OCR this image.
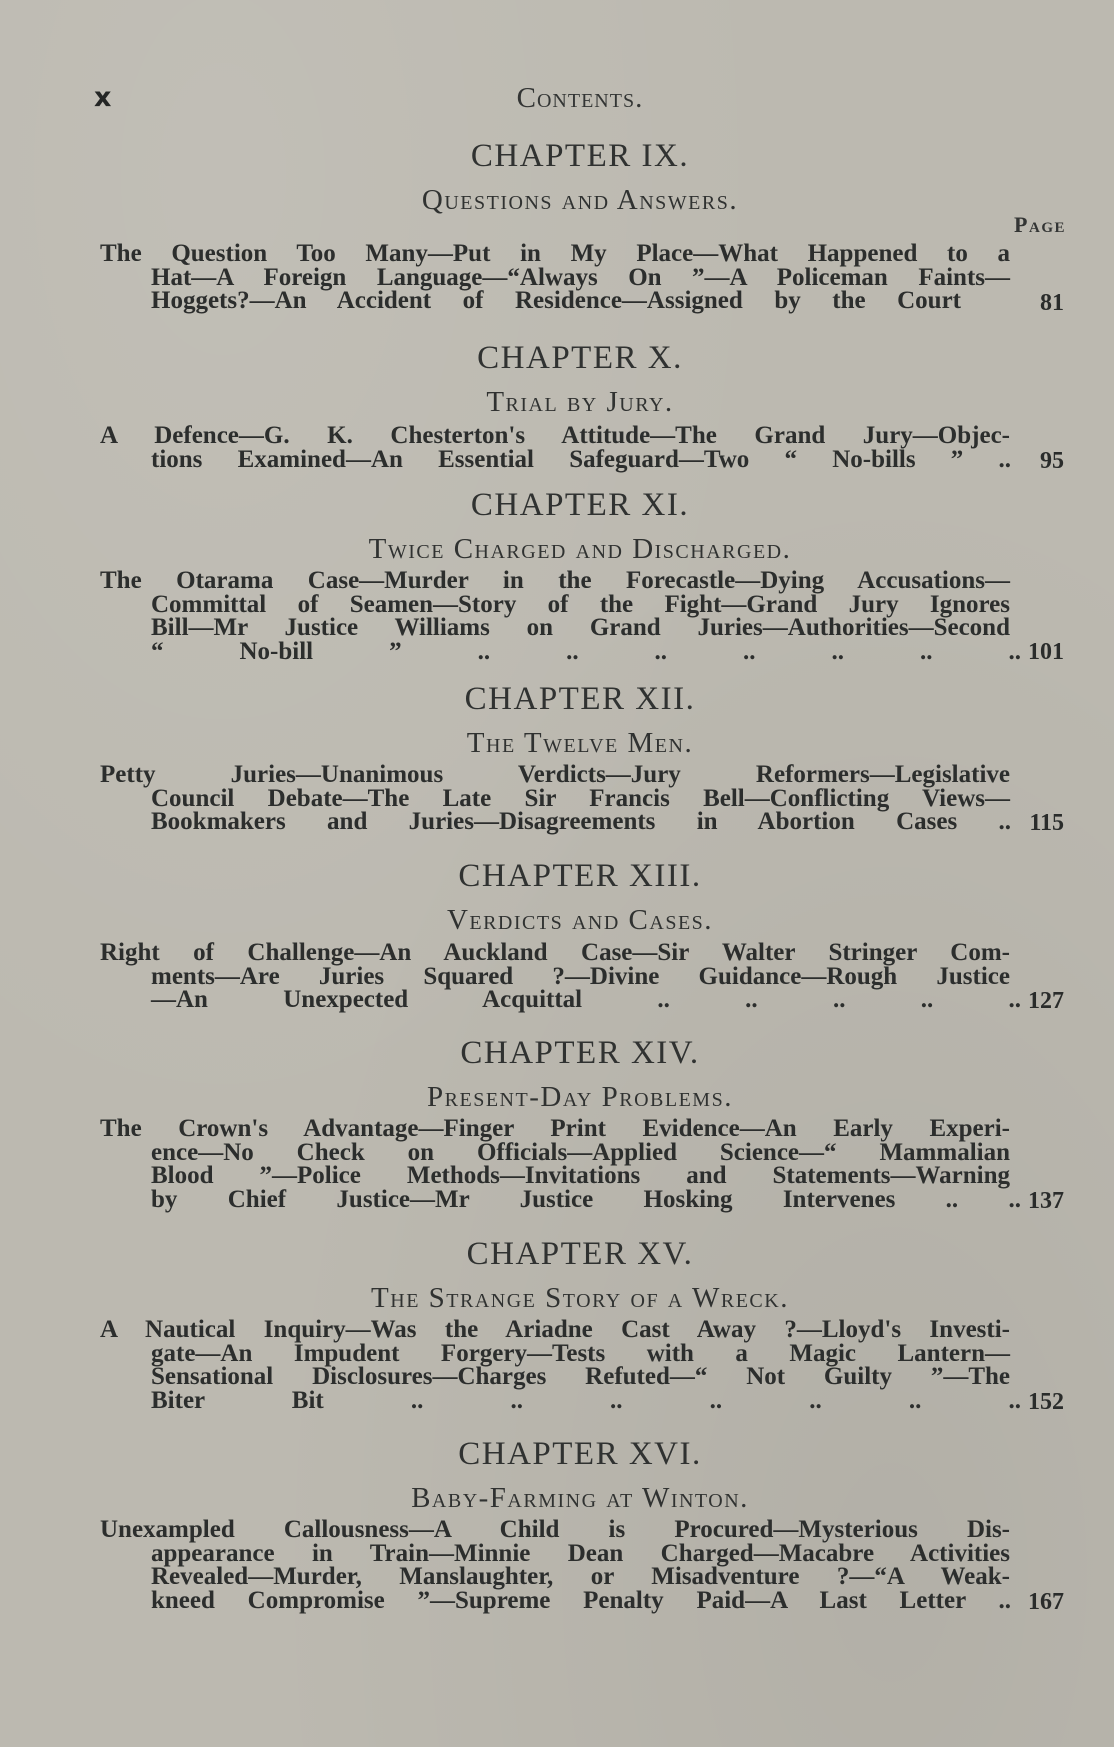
x	Contents.
Page
CHAPTER IX.
Questions and Answers.
The Question Too Many—Put in My Place—What Happened to a
Hat—A Foreign Language—“Always On ”—A Policeman Faints—
Hoggets?—An Accident of Residence—Assigned by the Court	81
CHAPTER X.
Trial by Jury.
A Defence—G. K. Chesterton's Attitude—The Grand Jury—Objec-
tions Examined—An Essential Safeguard—Two “ No-bills ” .. 95
CHAPTER XI.
Twice Charged and Discharged.
The Otarama Case—Murder in the Forecastle—Dying Accusations—
Committal of Seamen—Story of the Fight—Grand Jury Ignores
Bill—Mr Justice Williams on Grand Juries—Authorities—Second
“ No-bill ” .. .. .. .. .. .. .. 101
CHAPTER XII.
The Twelve Men.
Petty Juries—Unanimous Verdicts—Jury Reformers—Legislative
Council Debate—The Late Sir Francis Bell—Conflicting Views—
Bookmakers and Juries—Disagreements in Abortion Cases .. 115
CHAPTER XIII.
Verdicts and Cases.
Right of Challenge—An Auckland Case—Sir Walter Stringer Com-
ments—Are Juries Squared ?—Divine Guidance—Rough Justice
—An Unexpected Acquittal .. .. .. .. .. 127
CHAPTER XIV.
Present-Day Problems.
The Crown's Advantage—Finger Print Evidence—An Early Experi-
ence—No Check on Officials—Applied Science—“ Mammalian
Blood ”—Police Methods—Invitations and Statements—Warning
by Chief Justice—Mr Justice Hosking Intervenes .. .. 137
CHAPTER XV.
The Strange Story of a Wreck.
A Nautical Inquiry—Was the Ariadne Cast Away ?—Lloyd's Investi-
gate—An Impudent Forgery—Tests with a Magic Lantern—
Sensational Disclosures—Charges Refuted—“ Not Guilty ”—The
Biter Bit .. .. .. .. .. .. .. 152
CHAPTER XVI.
Baby-Farming at Winton.
Unexampled Callousness—A Child is Procured—Mysterious Dis-
appearance in Train—Minnie Dean Charged—Macabre Activities
Revealed—Murder, Manslaughter, or Misadventure ?—“A Weak-
kneed Compromise ”—Supreme Penalty Paid—A Last Letter .. 167
